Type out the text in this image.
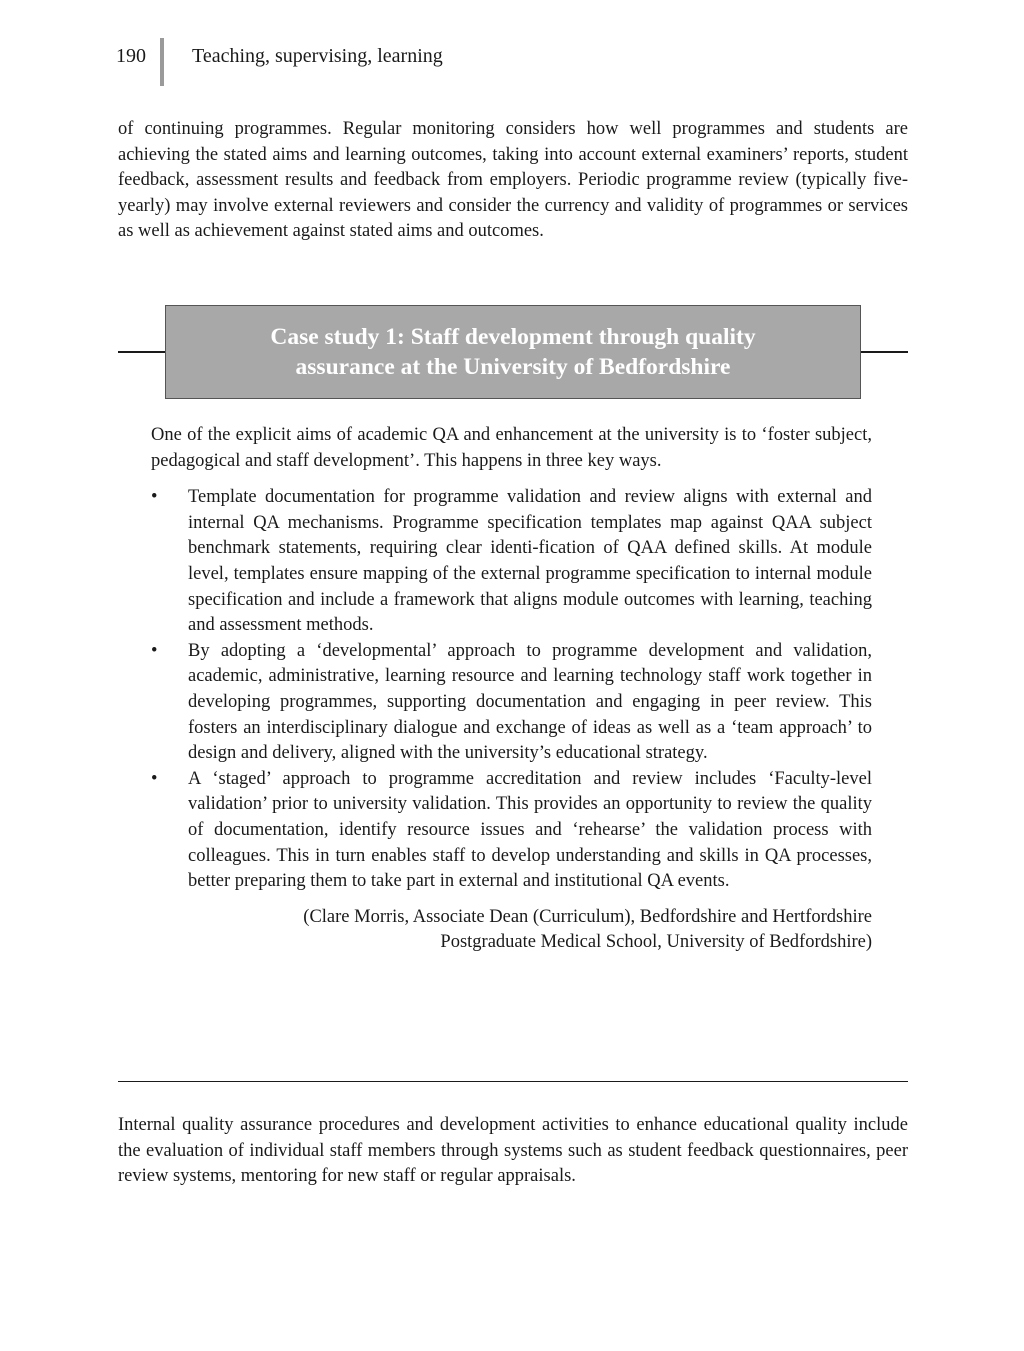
190	Teaching, supervising, learning

of continuing programmes. Regular monitoring considers how well programmes and students are achieving the stated aims and learning outcomes, taking into account external examiners’ reports, student feedback, assessment results and feedback from employers. Periodic programme review (typically five-yearly) may involve external reviewers and consider the currency and validity of programmes or services as well as achievement against stated aims and outcomes.

Case study 1: Staff development through quality
assurance at the University of Bedfordshire

One of the explicit aims of academic QA and enhancement at the university is to ‘foster subject, pedagogical and staff development’. This happens in three key ways.

•	Template documentation for programme validation and review aligns with external and internal QA mechanisms. Programme specification templates map against QAA subject benchmark statements, requiring clear identi-fication of QAA defined skills. At module level, templates ensure mapping of the external programme specification to internal module specification and include a framework that aligns module outcomes with learning, teaching and assessment methods.
•	By adopting a ‘developmental’ approach to programme development and validation, academic, administrative, learning resource and learning technology staff work together in developing programmes, supporting documentation and engaging in peer review. This fosters an interdisciplinary dialogue and exchange of ideas as well as a ‘team approach’ to design and delivery, aligned with the university’s educational strategy.
•	A ‘staged’ approach to programme accreditation and review includes ‘Faculty-level validation’ prior to university validation. This provides an opportunity to review the quality of documentation, identify resource issues and ‘rehearse’ the validation process with colleagues. This in turn enables staff to develop understanding and skills in QA processes, better preparing them to take part in external and institutional QA events.
(Clare Morris, Associate Dean (Curriculum), Bedfordshire and Hertfordshire
Postgraduate Medical School, University of Bedfordshire)

Internal quality assurance procedures and development activities to enhance educational quality include the evaluation of individual staff members through systems such as student feedback questionnaires, peer review systems, mentoring for new staff or regular appraisals.
